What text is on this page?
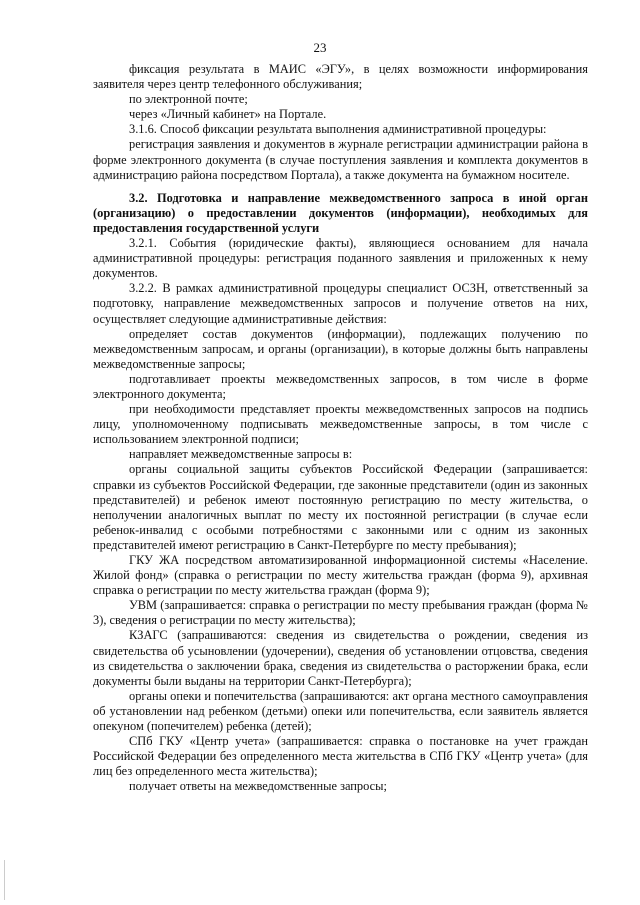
23

фиксация результата в МАИС «ЭГУ», в целях возможности информирования заявителя через центр телефонного обслуживания;

по электронной почте;

через «Личный кабинет» на Портале.

3.1.6. Способ фиксации результата выполнения административной процедуры:

регистрация заявления и документов в журнале регистрации администрации района в форме электронного документа (в случае поступления заявления и комплекта документов в администрацию района посредством Портала), а также документа на бумажном носителе.

3.2. Подготовка и направление межведомственного запроса в иной орган (организацию) о предоставлении документов (информации), необходимых для предоставления государственной услуги

3.2.1. События (юридические факты), являющиеся основанием для начала административной процедуры: регистрация поданного заявления и приложенных к нему документов.

3.2.2. В рамках административной процедуры специалист ОСЗН, ответственный за подготовку, направление межведомственных запросов и получение ответов на них, осуществляет следующие административные действия:

определяет состав документов (информации), подлежащих получению по межведомственным запросам, и органы (организации), в которые должны быть направлены межведомственные запросы;

подготавливает проекты межведомственных запросов, в том числе в форме электронного документа;

при необходимости представляет проекты межведомственных запросов на подпись лицу, уполномоченному подписывать межведомственные запросы, в том числе с использованием электронной подписи;

направляет межведомственные запросы в:

органы социальной защиты субъектов Российской Федерации (запрашивается: справки из субъектов Российской Федерации, где законные представители (один из законных представителей) и ребенок имеют постоянную регистрацию по месту жительства, о неполучении аналогичных выплат по месту их постоянной регистрации (в случае если ребенок-инвалид с особыми потребностями с законными или с одним из законных представителей имеют регистрацию в Санкт-Петербурге по месту пребывания);

ГКУ ЖА посредством автоматизированной информационной системы «Население. Жилой фонд» (справка о регистрации по месту жительства граждан (форма 9), архивная справка о регистрации по месту жительства граждан (форма 9);

УВМ (запрашивается: справка о регистрации по месту пребывания граждан (форма № 3), сведения о регистрации по месту жительства);

КЗАГС (запрашиваются: сведения из свидетельства о рождении, сведения из свидетельства об усыновлении (удочерении), сведения об установлении отцовства, сведения из свидетельства о заключении брака, сведения из свидетельства о расторжении брака, если документы были выданы на территории Санкт-Петербурга);

органы опеки и попечительства (запрашиваются: акт органа местного самоуправления об установлении над ребенком (детьми) опеки или попечительства, если заявитель является опекуном (попечителем) ребенка (детей);

СПб ГКУ «Центр учета» (запрашивается: справка о постановке на учет граждан Российской Федерации без определенного места жительства в СПб ГКУ «Центр учета» (для лиц без определенного места жительства);

получает ответы на межведомственные запросы;
